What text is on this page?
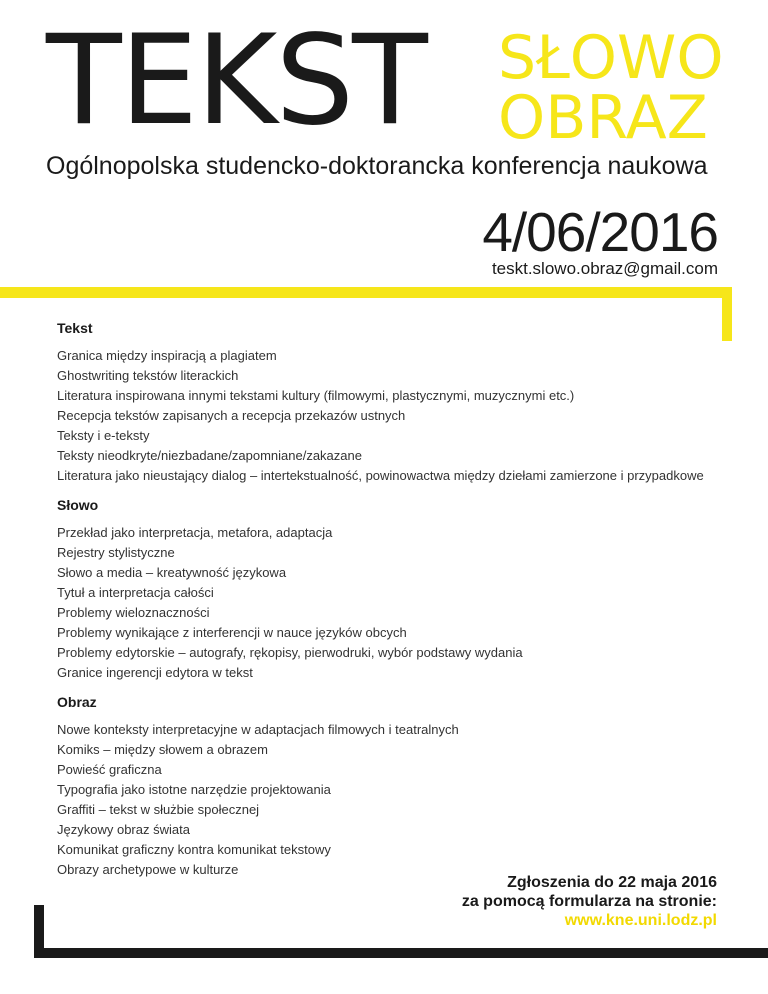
TEKST SŁOWO
OBRAZ
Ogólnopolska studencko-doktorancka konferencja naukowa
4/06/2016
teskt.slowo.obraz@gmail.com
Tekst
Granica między inspiracją a plagiatem
Ghostwriting tekstów literackich
Literatura inspirowana innymi tekstami kultury (filmowymi, plastycznymi, muzycznymi etc.)
Recepcja tekstów zapisanych a recepcja przekazów ustnych
Teksty i e-teksty
Teksty nieodkryte/niezbadane/zapomniane/zakazane
Literatura jako nieustający dialog – intertekstualność, powinowactwa między dziełami zamierzone i przypadkowe
Słowo
Przekład jako interpretacja, metafora, adaptacja
Rejestry stylistyczne
Słowo a media – kreatywność językowa
Tytuł a interpretacja całości
Problemy wieloznaczności
Problemy wynikające z interferencji w nauce języków obcych
Problemy edytorskie – autografy, rękopisy, pierwodruki, wybór podstawy wydania
Granice ingerencji edytora w tekst
Obraz
Nowe konteksty interpretacyjne w adaptacjach filmowych i teatralnych
Komiks – między słowem a obrazem
Powieść graficzna
Typografia jako istotne narzędzie projektowania
Graffiti – tekst w służbie społecznej
Językowy obraz świata
Komunikat graficzny kontra komunikat tekstowy
Obrazy archetypowe w kulturze
Zgłoszenia do 22 maja 2016
za pomocą formularza na stronie:
www.kne.uni.lodz.pl
